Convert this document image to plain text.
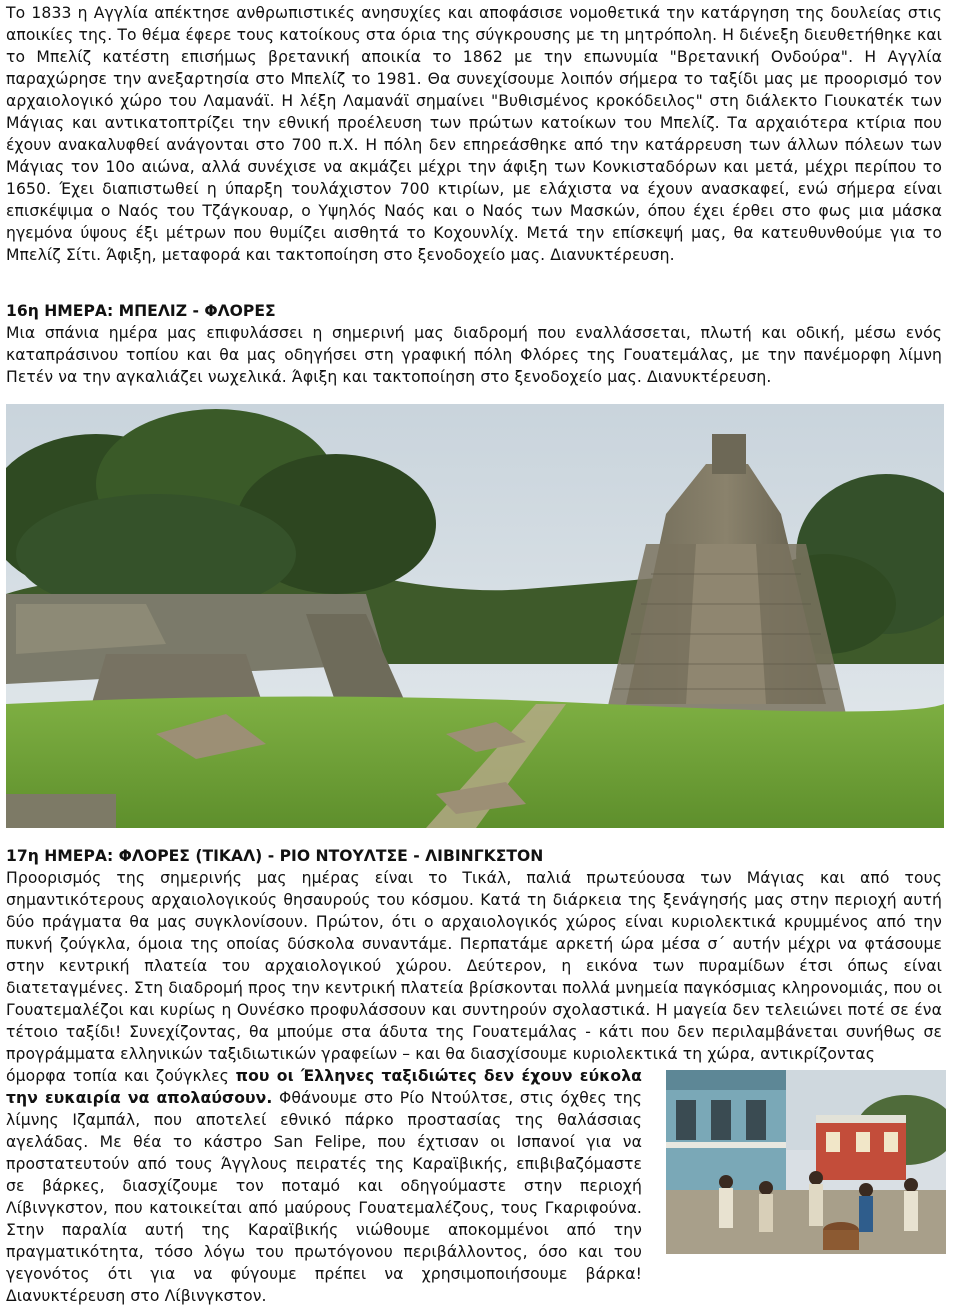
Το 1833 η Αγγλία απέκτησε ανθρωπιστικές ανησυχίες και αποφάσισε νομοθετικά την κατάργηση της δουλείας στις αποικίες της. Το θέμα έφερε τους κατοίκους στα όρια της σύγκρουσης με τη μητρόπολη. Η διένεξη διευθετήθηκε και το Μπελίζ κατέστη επισήμως βρετανική αποικία το 1862 με την επωνυμία "Βρετανική Ονδούρα". Η Αγγλία παραχώρησε την ανεξαρτησία στο Μπελίζ το 1981. Θα συνεχίσουμε λοιπόν σήμερα το ταξίδι μας με προορισμό τον αρχαιολογικό χώρο του Λαμανάϊ. Η λέξη Λαμανάϊ σημαίνει "Βυθισμένος κροκόδειλος" στη διάλεκτο Γιουκατέκ των Μάγιας και αντικατοπτρίζει την εθνική προέλευση των πρώτων κατοίκων του Μπελίζ. Τα αρχαιότερα κτίρια που έχουν ανακαλυφθεί ανάγονται στο 700 π.Χ. Η πόλη δεν επηρεάσθηκε από την κατάρρευση των άλλων πόλεων των Μάγιας τον 10ο αιώνα, αλλά συνέχισε να ακμάζει μέχρι την άφιξη των Κονκισταδόρων και μετά, μέχρι περίπου το 1650. Έχει διαπιστωθεί η ύπαρξη τουλάχιστον 700 κτιρίων, με ελάχιστα να έχουν ανασκαφεί, ενώ σήμερα είναι επισκέψιμα ο Ναός του Τζάγκουαρ, ο Υψηλός Ναός και ο Ναός των Μασκών, όπου έχει έρθει στο φως μια μάσκα ηγεμόνα ύψους έξι μέτρων που θυμίζει αισθητά το Κοχουνλίχ. Μετά την επίσκεψή μας, θα κατευθυνθούμε για το Μπελίζ Σίτι. Άφιξη, μεταφορά και τακτοποίηση στο ξενοδοχείο μας. Διανυκτέρευση.

16η ΗΜΕΡΑ: ΜΠΕΛΙΖ - ΦΛΟΡΕΣ

Μια σπάνια ημέρα μας επιφυλάσσει η σημερινή μας διαδρομή που εναλλάσσεται, πλωτή και οδική, μέσω ενός καταπράσινου τοπίου και θα μας οδηγήσει στη γραφική πόλη Φλόρες της Γουατεμάλας, με την πανέμορφη λίμνη Πετέν να την αγκαλιάζει νωχελικά. Άφιξη και τακτοποίηση στο ξενοδοχείο μας. Διανυκτέρευση.

17η ΗΜΕΡΑ: ΦΛΟΡΕΣ (ΤΙΚΑΛ) - ΡΙΟ ΝΤΟΥΛΤΣΕ - ΛΙΒΙΝΓΚΣΤΟΝ

Προορισμός της σημερινής μας ημέρας είναι το Τικάλ, παλιά πρωτεύουσα των Μάγιας και από τους σημαντικότερους αρχαιολογικούς θησαυρούς του κόσμου. Κατά τη διάρκεια της ξενάγησής μας στην περιοχή αυτή δύο πράγματα θα μας συγκλονίσουν. Πρώτον, ότι ο αρχαιολογικός χώρος είναι κυριολεκτικά κρυμμένος από την πυκνή ζούγκλα, όμοια της οποίας δύσκολα συναντάμε. Περπατάμε αρκετή ώρα μέσα σ΄ αυτήν μέχρι να φτάσουμε στην κεντρική πλατεία του αρχαιολογικού χώρου. Δεύτερον, η εικόνα των πυραμίδων έτσι όπως είναι διατεταγμένες. Στη διαδρομή προς την κεντρική πλατεία βρίσκονται πολλά μνημεία παγκόσμιας κληρονομιάς, που οι Γουατεμαλέζοι και κυρίως η Ουνέσκο προφυλάσσουν και συντηρούν σχολαστικά. Η μαγεία δεν τελειώνει ποτέ σε ένα τέτοιο ταξίδι! Συνεχίζοντας, θα μπούμε στα άδυτα της Γουατεμάλας - κάτι που δεν περιλαμβάνεται συνήθως σε προγράμματα ελληνικών ταξιδιωτικών γραφείων – και θα διασχίσουμε κυριολεκτικά τη χώρα, αντικρίζοντας

όμορφα τοπία και ζούγκλες που οι Έλληνες ταξιδιώτες δεν έχουν εύκολα την ευκαιρία να απολαύσουν. Φθάνουμε στο Ρίο Ντούλτσε, στις όχθες της λίμνης Ιζαμπάλ, που αποτελεί εθνικό πάρκο προστασίας της θαλάσσιας αγελάδας. Με θέα το κάστρο San Felipe, που έχτισαν οι Ισπανοί για να προστατευτούν από τους Άγγλους πειρατές της Καραϊβικής, επιβιβαζόμαστε σε βάρκες, διασχίζουμε τον ποταμό και οδηγούμαστε στην περιοχή Λίβινγκστον, που κατοικείται από μαύρους Γουατεμαλέζους, τους Γκαριφούνα. Στην παραλία αυτή της Καραϊβικής νιώθουμε αποκομμένοι από την πραγματικότητα, τόσο λόγω του πρωτόγονου περιβάλλοντος, όσο και του γεγονότος ότι για να φύγουμε πρέπει να χρησιμοποιήσουμε βάρκα! Διανυκτέρευση στο Λίβινγκστον.
